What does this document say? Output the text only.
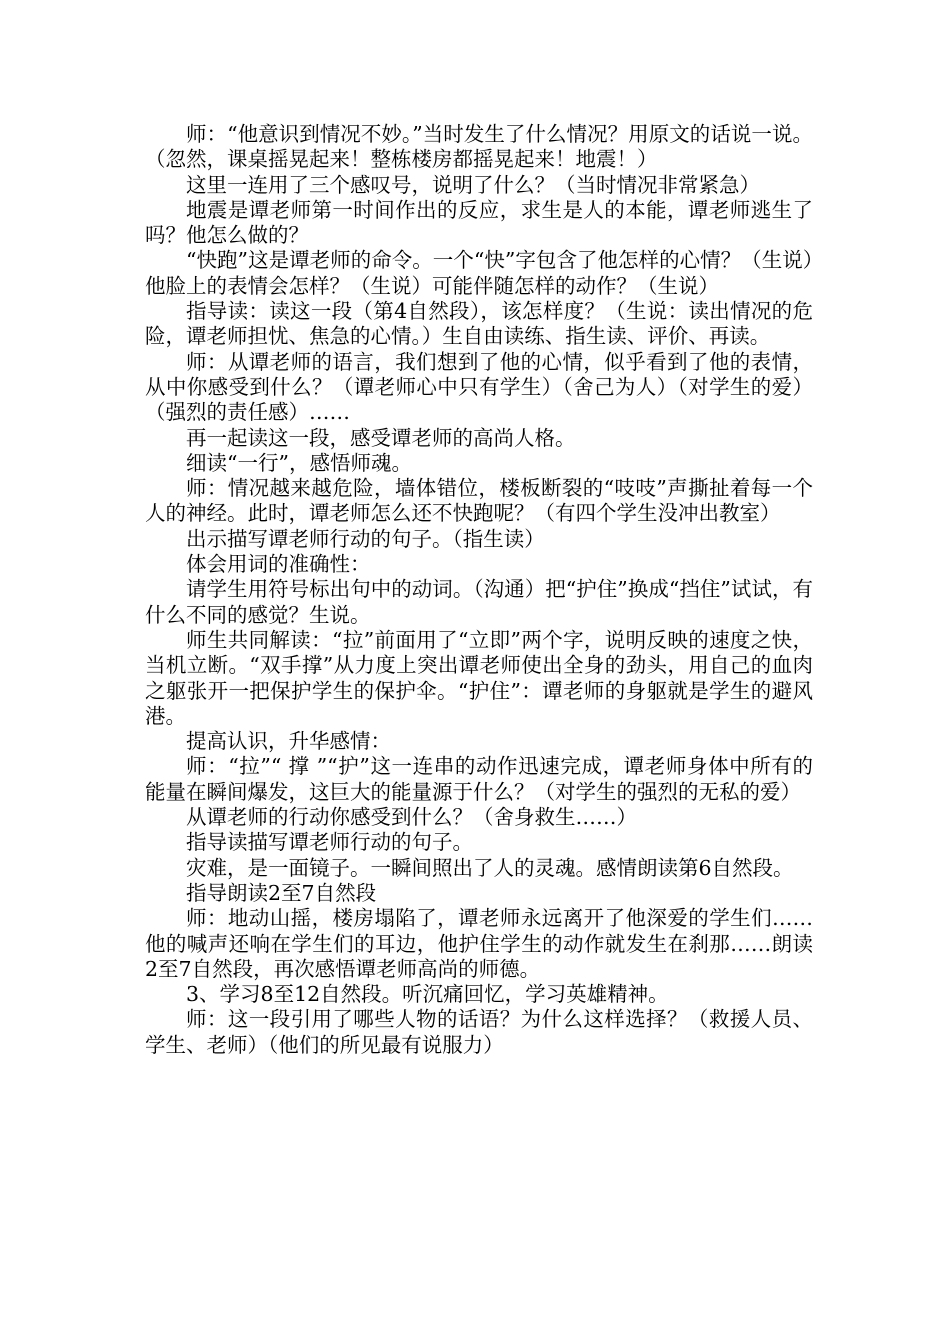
师：“他意识到情况不妙。”当时发生了什么情况？用原文的话说一说。（忽然，课桌摇晃起来！整栋楼房都摇晃起来！地震！）

这里一连用了三个感叹号，说明了什么？（当时情况非常紧急）

地震是谭老师第一时间作出的反应，求生是人的本能，谭老师逃生了吗？他怎么做的？

“快跑”这是谭老师的命令。一个“快”字包含了他怎样的心情？（生说）他脸上的表情会怎样？（生说）可能伴随怎样的动作？（生说）

指导读：读这一段（第4自然段），该怎样度？（生说：读出情况的危险，谭老师担忧、焦急的心情。）生自由读练、指生读、评价、再读。

师：从谭老师的语言，我们想到了他的心情，似乎看到了他的表情，从中你感受到什么？（谭老师心中只有学生）（舍己为人）（对学生的爱）（强烈的责任感）……

再一起读这一段，感受谭老师的高尚人格。

细读“一行”，感悟师魂。

师：情况越来越危险，墙体错位，楼板断裂的“吱吱”声撕扯着每一个人的神经。此时，谭老师怎么还不快跑呢？（有四个学生没冲出教室）

出示描写谭老师行动的句子。（指生读）

体会用词的准确性：

请学生用符号标出句中的动词。（沟通）把“护住”换成“挡住”试试，有什么不同的感觉？生说。

师生共同解读：“拉”前面用了“立即”两个字，说明反映的速度之快，当机立断。“双手撑”从力度上突出谭老师使出全身的劲头，用自己的血肉之躯张开一把保护学生的保护伞。“护住”：谭老师的身躯就是学生的避风港。

提高认识，升华感情：

师：“拉”“ 撑 ”“护”这一连串的动作迅速完成，谭老师身体中所有的能量在瞬间爆发，这巨大的能量源于什么？（对学生的强烈的无私的爱）

从谭老师的行动你感受到什么？（舍身救生……）

指导读描写谭老师行动的句子。

灾难，是一面镜子。一瞬间照出了人的灵魂。感情朗读第6自然段。

指导朗读2至7自然段

师：地动山摇，楼房塌陷了，谭老师永远离开了他深爱的学生们……他的喊声还响在学生们的耳边，他护住学生的动作就发生在刹那……朗读2至7自然段，再次感悟谭老师高尚的师德。

3、学习8至12自然段。听沉痛回忆，学习英雄精神。

师：这一段引用了哪些人物的话语？为什么这样选择？（救援人员、学生、老师）（他们的所见最有说服力）
